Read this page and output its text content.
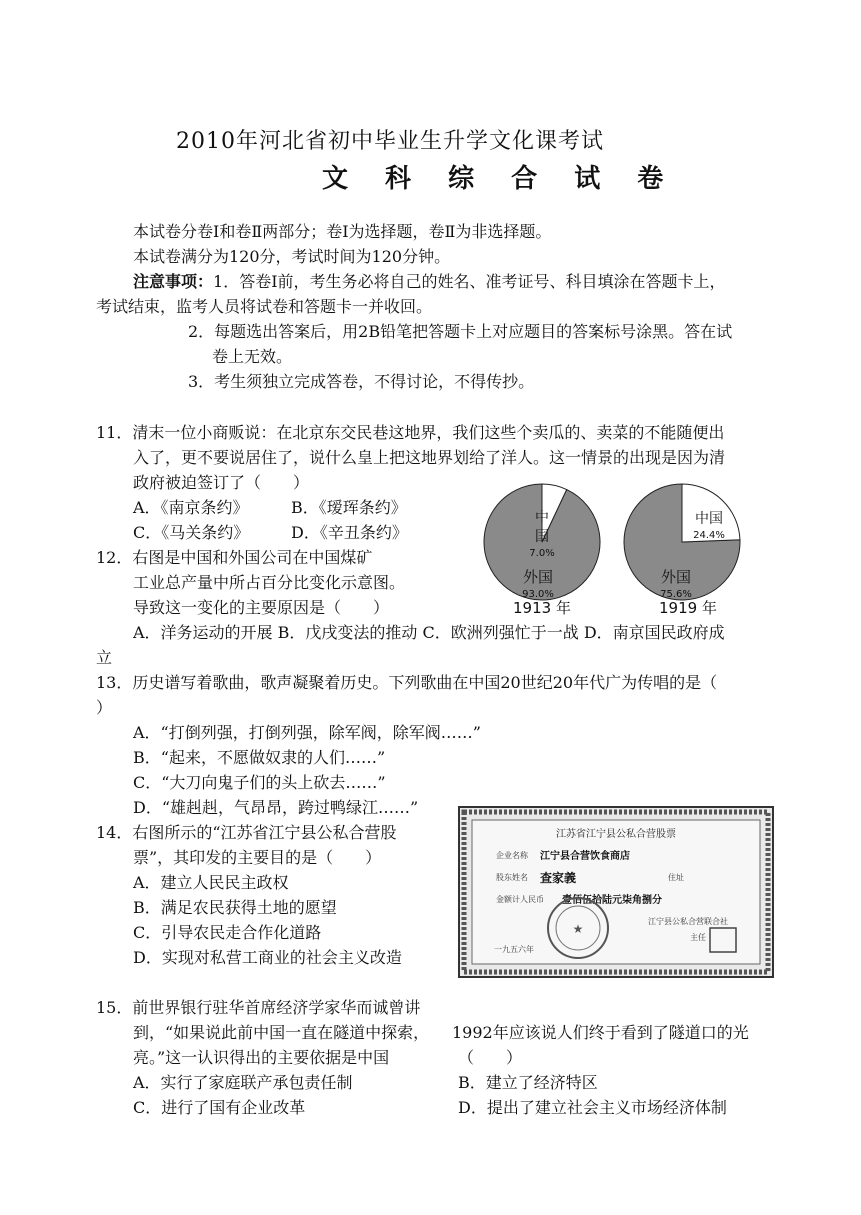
2010年河北省初中毕业生升学文化课考试
文 科 综 合 试 卷
本试卷分卷Ⅰ和卷Ⅱ两部分；卷Ⅰ为选择题，卷Ⅱ为非选择题。
本试卷满分为120分，考试时间为120分钟。
注意事项：1．答卷Ⅰ前，考生务必将自己的姓名、准考证号、科目填涂在答题卡上，
考试结束，监考人员将试卷和答题卡一并收回。
2．每题选出答案后，用2B铅笔把答题卡上对应题目的答案标号涂黑。答在试
卷上无效。
3．考生须独立完成答卷，不得讨论，不得传抄。
11．清末一位小商贩说：在北京东交民巷这地界，我们这些个卖瓜的、卖菜的不能随便出
入了，更不要说居住了，说什么皇上把这地界划给了洋人。这一情景的出现是因为清
政府被迫签订了（　　）
A．《南京条约》	B．《瑷珲条约》
C．《马关条约》	D．《辛丑条约》
12．右图是中国和外国公司在中国煤矿
工业总产量中所占百分比变化示意图。
导致这一变化的主要原因是（　　）
A．洋务运动的开展 B．戊戌变法的推动 C．欧洲列强忙于一战 D．南京国民政府成
立
中
国
7.0%
外国
93.0%
中国
24.4%
外国
75.6%
1913 年	1919 年
13．历史谱写着歌曲，歌声凝聚着历史。下列歌曲在中国20世纪20年代广为传唱的是（
）
A．“打倒列强，打倒列强，除军阀，除军阀……”
B．“起来，不愿做奴隶的人们……”
C．“大刀向鬼子们的头上砍去……”
D．“雄赳赳，气昂昂，跨过鸭绿江……”
14．右图所示的“江苏省江宁县公私合营股
票”，其印发的主要目的是（　　）
A．建立人民民主政权
B．满足农民获得土地的愿望
C．引导农民走合作化道路
D．实现对私营工商业的社会主义改造
江苏省江宁县公私合营股票
企业名称 江宁县合营饮食商店
股东姓名 查家義	住址
金额计人民币 壹佰伍拾陆元柒角捌分
江宁县公私合营联合社
主任
一九五六年
★
15．前世界银行驻华首席经济学家华而诚曾讲
到，“如果说此前中国一直在隧道中探索， 1992年应该说人们终于看到了隧道口的光
亮。”这一认识得出的主要依据是中国	（　　）
A．实行了家庭联产承包责任制	B．建立了经济特区
C．进行了国有企业改革	D．提出了建立社会主义市场经济体制
